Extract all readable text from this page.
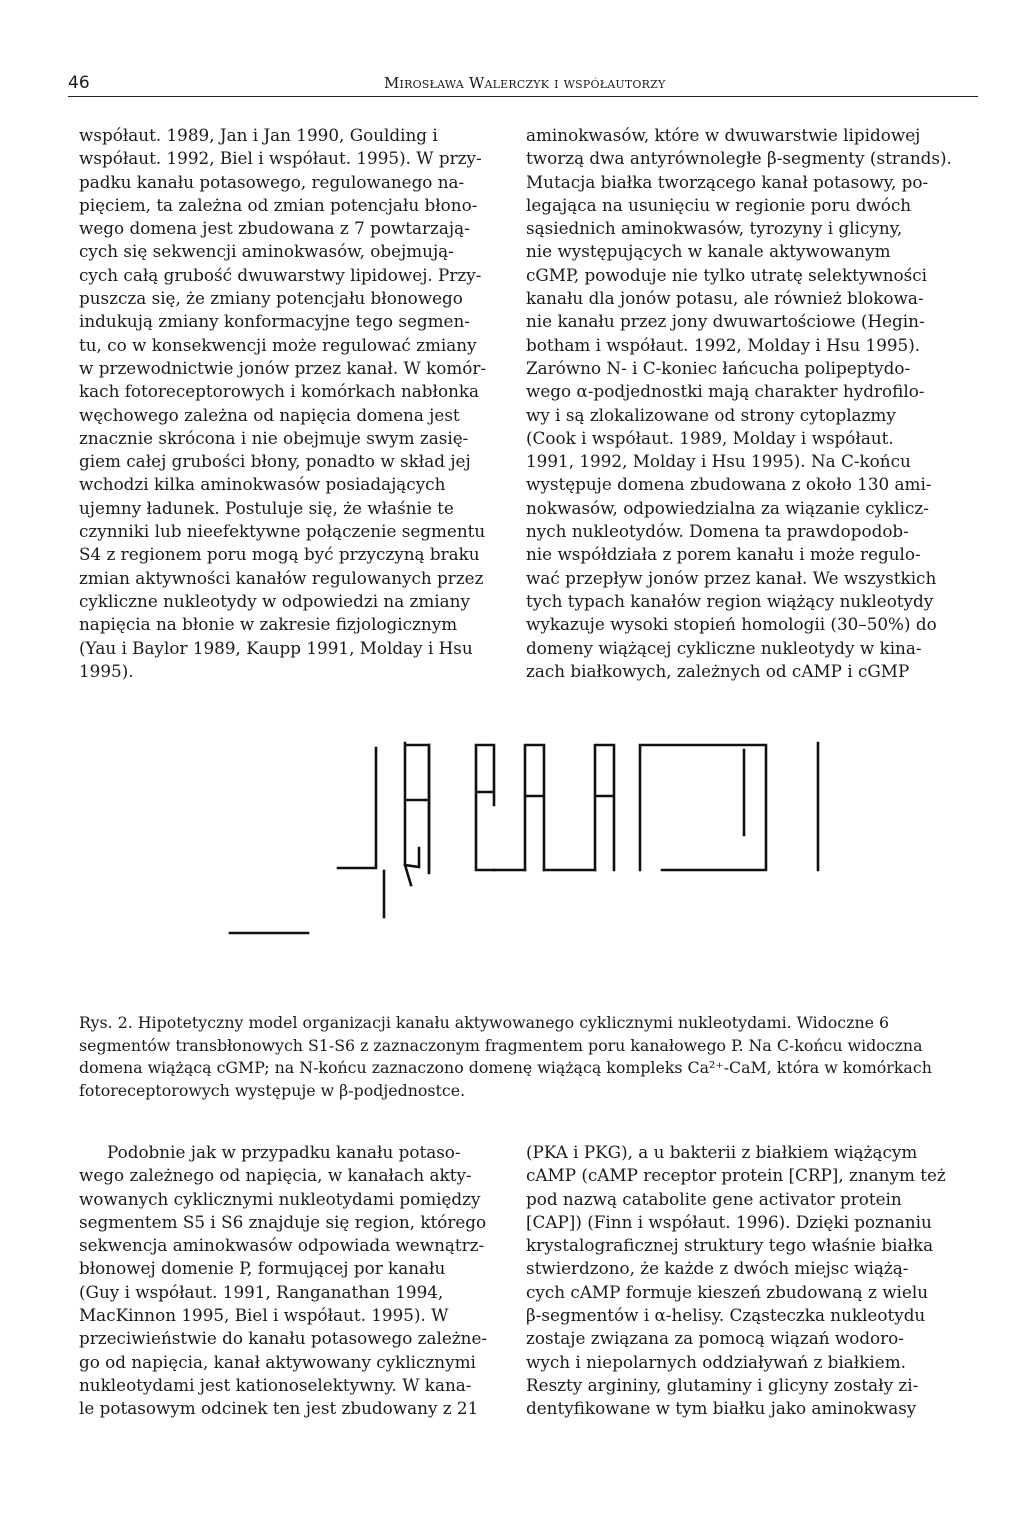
46	Mirosława Walerczyk i współautorzy

współaut. 1989, Jan i Jan 1990, Goulding i
współaut. 1992, Biel i współaut. 1995). W przy-
padku kanału potasowego, regulowanego na-
pięciem, ta zależna od zmian potencjału błono-
wego domena jest zbudowana z 7 powtarzają-
cych się sekwencji aminokwasów, obejmują-
cych całą grubość dwuwarstwy lipidowej. Przy-
puszcza się, że zmiany potencjału błonowego
indukują zmiany konformacyjne tego segmen-
tu, co w konsekwencji może regulować zmiany
w przewodnictwie jonów przez kanał. W komór-
kach fotoreceptorowych i komórkach nabłonka
węchowego zależna od napięcia domena jest
znacznie skrócona i nie obejmuje swym zasię-
giem całej grubości błony, ponadto w skład jej
wchodzi kilka aminokwasów posiadających
ujemny ładunek. Postuluje się, że właśnie te
czynniki lub nieefektywne połączenie segmentu
S4 z regionem poru mogą być przyczyną braku
zmian aktywności kanałów regulowanych przez
cykliczne nukleotydy w odpowiedzi na zmiany
napięcia na błonie w zakresie fizjologicznym
(Yau i Baylor 1989, Kaupp 1991, Molday i Hsu
1995).

aminokwasów, które w dwuwarstwie lipidowej
tworzą dwa antyrównoległe β-segmenty (strands).
Mutacja białka tworzącego kanał potasowy, po-
legająca na usunięciu w regionie poru dwóch
sąsiednich aminokwasów, tyrozyny i glicyny,
nie występujących w kanale aktywowanym
cGMP, powoduje nie tylko utratę selektywności
kanału dla jonów potasu, ale również blokowa-
nie kanału przez jony dwuwartościowe (Hegin-
botham i współaut. 1992, Molday i Hsu 1995).
Zarówno N- i C-koniec łańcucha polipeptydo-
wego α-podjednostki mają charakter hydrofilo-
wy i są zlokalizowane od strony cytoplazmy
(Cook i współaut. 1989, Molday i współaut.
1991, 1992, Molday i Hsu 1995). Na C-końcu
występuje domena zbudowana z około 130 ami-
nokwasów, odpowiedzialna za wiązanie cyklicz-
nych nukleotydów. Domena ta prawdopodob-
nie współdziała z porem kanału i może regulo-
wać przepływ jonów przez kanał. We wszystkich
tych typach kanałów region wiążący nukleotydy
wykazuje wysoki stopień homologii (30–50%) do
domeny wiążącej cykliczne nukleotydy w kina-
zach białkowych, zależnych od cAMP i cGMP

Rys. 2. Hipotetyczny model organizacji kanału aktywowanego cyklicznymi nukleotydami. Widoczne 6
segmentów transbłonowych S1-S6 z zaznaczonym fragmentem poru kanałowego P. Na C-końcu widoczna
domena wiążącą cGMP; na N-końcu zaznaczono domenę wiążącą kompleks Ca²⁺-CaM, która w komórkach
fotoreceptorowych występuje w β-podjednostce.

Podobnie jak w przypadku kanału potaso-
wego zależnego od napięcia, w kanałach akty-
wowanych cyklicznymi nukleotydami pomiędzy
segmentem S5 i S6 znajduje się region, którego
sekwencja aminokwasów odpowiada wewnątrz-
błonowej domenie P, formującej por kanału
(Guy i współaut. 1991, Ranganathan 1994,
MacKinnon 1995, Biel i współaut. 1995). W
przeciwieństwie do kanału potasowego zależne-
go od napięcia, kanał aktywowany cyklicznymi
nukleotydami jest kationoselektywny. W kana-
le potasowym odcinek ten jest zbudowany z 21

(PKA i PKG), a u bakterii z białkiem wiążącym
cAMP (cAMP receptor protein [CRP], znanym też
pod nazwą catabolite gene activator protein
[CAP]) (Finn i współaut. 1996). Dzięki poznaniu
krystalograficznej struktury tego właśnie białka
stwierdzono, że każde z dwóch miejsc wiążą-
cych cAMP formuje kieszeń zbudowaną z wielu
β-segmentów i α-helisy. Cząsteczka nukleotydu
zostaje związana za pomocą wiązań wodoro-
wych i niepolarnych oddziaływań z białkiem.
Reszty argininy, glutaminy i glicyny zostały zi-
dentyfikowane w tym białku jako aminokwasy
